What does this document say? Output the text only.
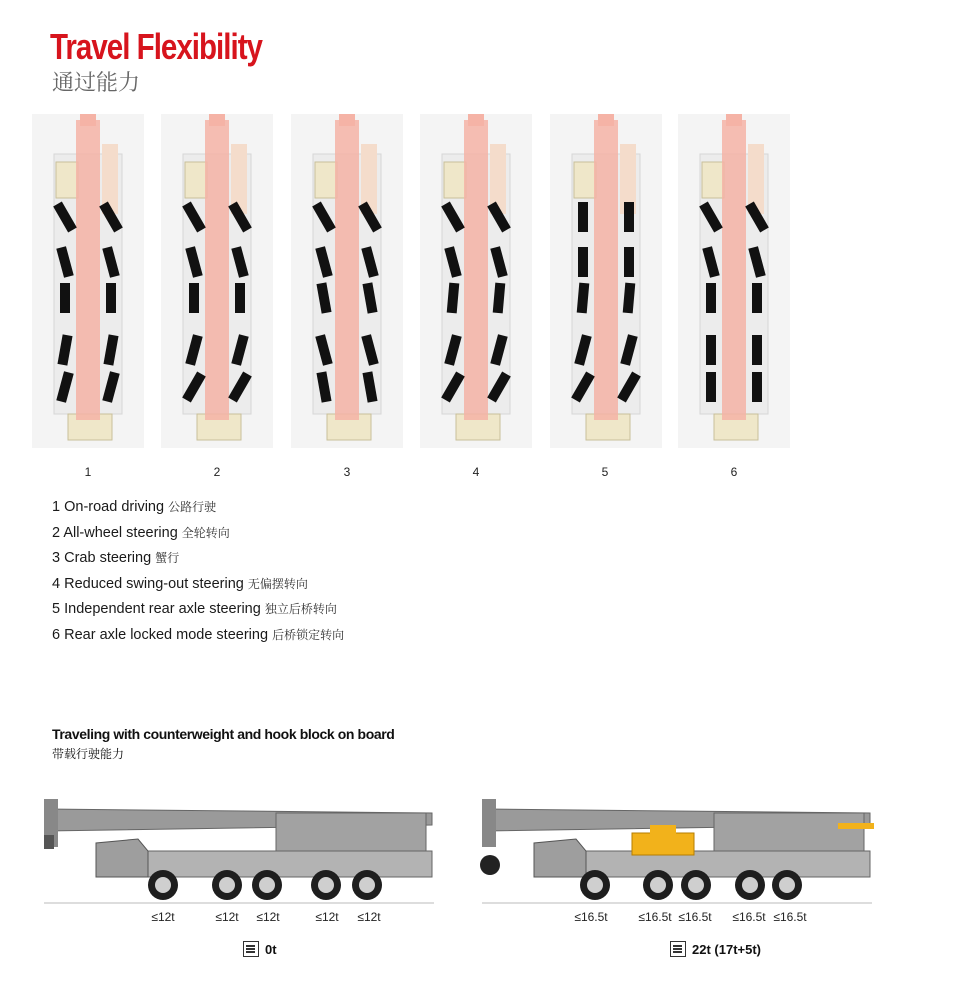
Travel Flexibility
通过能力
1	2	3	4	5	6
1 On-road driving 公路行驶
2 All-wheel steering 全轮转向
3 Crab steering 蟹行
4 Reduced swing-out steering 无偏摆转向
5 Independent rear axle steering 独立后桥转向
6 Rear axle locked mode steering 后桥锁定转向
Traveling with counterweight and hook block on board
带载行驶能力
≤12t	≤12t	≤12t	≤12t	≤12t	≤16.5t	≤16.5t ≤16.5t	≤16.5t ≤16.5t
0t	22t (17t+5t)
